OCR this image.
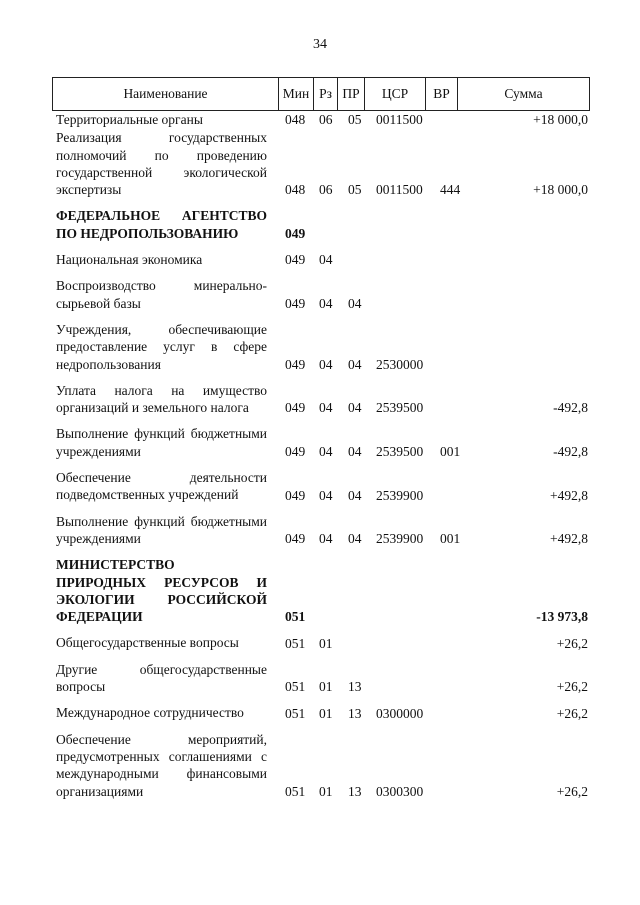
34
Наименование	Мин Рз ПР	ЦСР	ВР	Сумма
Территориальные органы	048 06 05 0011500	+18 000,0
Реализация государственных полномочий по проведению государственной экологической экспертизы	048 06 05 0011500 444	+18 000,0
ФЕДЕРАЛЬНОЕ АГЕНТСТВО ПО НЕДРОПОЛЬЗОВАНИЮ	049
Национальная экономика	049 04
Воспроизводство минерально-сырьевой базы	049 04 04
Учреждения, обеспечивающие предоставление услуг в сфере недропользования	049 04 04 2530000
Уплата налога на имущество организаций и земельного налога	049 04 04 2539500	-492,8
Выполнение функций бюджетными учреждениями	049 04 04 2539500 001	-492,8
Обеспечение деятельности подведомственных учреждений	049 04 04 2539900	+492,8
Выполнение функций бюджетными учреждениями	049 04 04 2539900 001	+492,8
МИНИСТЕРСТВО ПРИРОДНЫХ РЕСУРСОВ И ЭКОЛОГИИ РОССИЙСКОЙ ФЕДЕРАЦИИ	051	-13 973,8
Общегосударственные вопросы	051 01	+26,2
Другие общегосударственные вопросы	051 01 13	+26,2
Международное сотрудничество	051 01 13 0300000	+26,2
Обеспечение мероприятий, предусмотренных соглашениями с международными финансовыми организациями	051 01 13 0300300	+26,2
